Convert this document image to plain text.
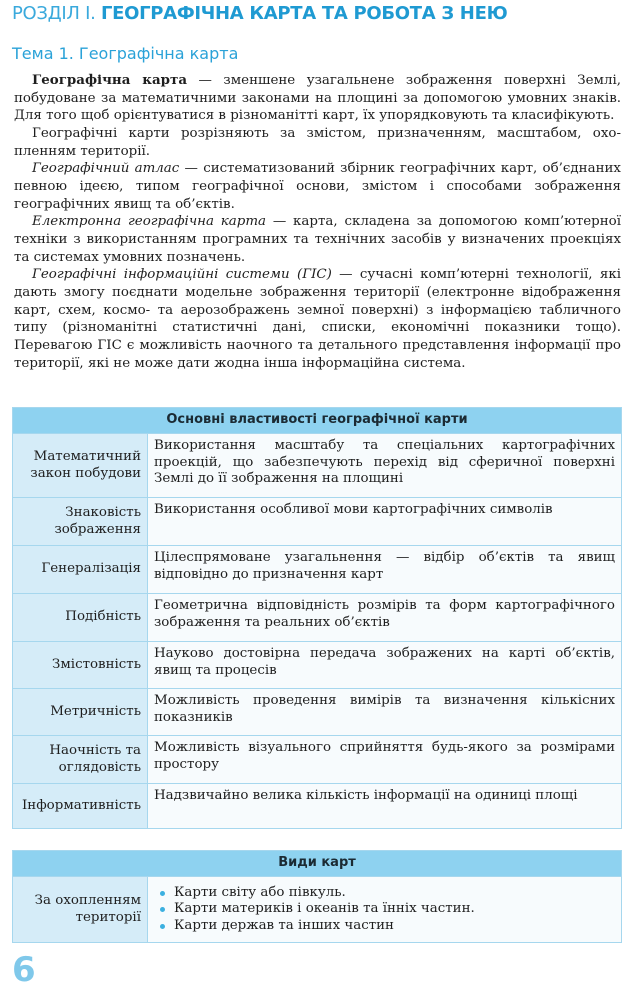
РОЗДІЛ І. ГЕОГРАФІЧНА КАРТА ТА РОБОТА З НЕЮ
Тема 1. Географічна карта

Географічна карта — зменшене узагальнене зображення поверхні Землі, побудоване за математичними законами на площині за допомогою умовних знаків. Для того щоб орієнтуватися в різноманітті карт, їх упорядковують та класифікують.

Географічні карти розрізняють за змістом, призначенням, масштабом, охопленням території.

Географічний атлас — систематизований збірник географічних карт, об’єднаних певною ідеєю, типом географічної основи, змістом і способами зображення географічних явищ та об’єктів.

Електронна географічна карта — карта, складена за допомогою комп’ютерної техніки з використанням програмних та технічних засобів у визначених проекціях та системах умовних позначень.

Географічні інформаційні системи (ГІС) — сучасні комп’ютерні технології, які дають змогу поєднати модельне зображення території (електронне відображення карт, схем, космо- та аерозображень земної поверхні) з інформацією табличного типу (різноманітні статистичні дані, списки, економічні показники тощо). Перевагою ГІС є можливість наочного та детального представлення інформації про території, які не може дати жодна інша інформаційна система.

Основні властивості географічної карти	
Математичний закон побудови	Використання масштабу та спеціальних картографічних проекцій, що забезпечують перехід від сферичної поверхні Землі до її зображення на площині
Знаковість зображення	Використання особливої мови картографічних символів
Генералізація	Цілеспрямоване узагальнення — відбір об’єктів та явищ відповідно до призначення карт
Подібність	Геометрична відповідність розмірів та форм картографічного зображення та реальних об’єктів
Змістовність	Науково достовірна передача зображених на карті об’єктів, явищ та процесів
Метричність	Можливість проведення вимірів та визначення кількісних показників
Наочність та оглядовість	Можливість візуального сприйняття будь-якого за розмірами простору
Інформативність	Надзвичайно велика кількість інформації на одиниці площі
Види карт
За охопленням території	
Карти світу або півкуль.
Карти материків і океанів та їнніх частин.
Карти держав та інших частин
6
